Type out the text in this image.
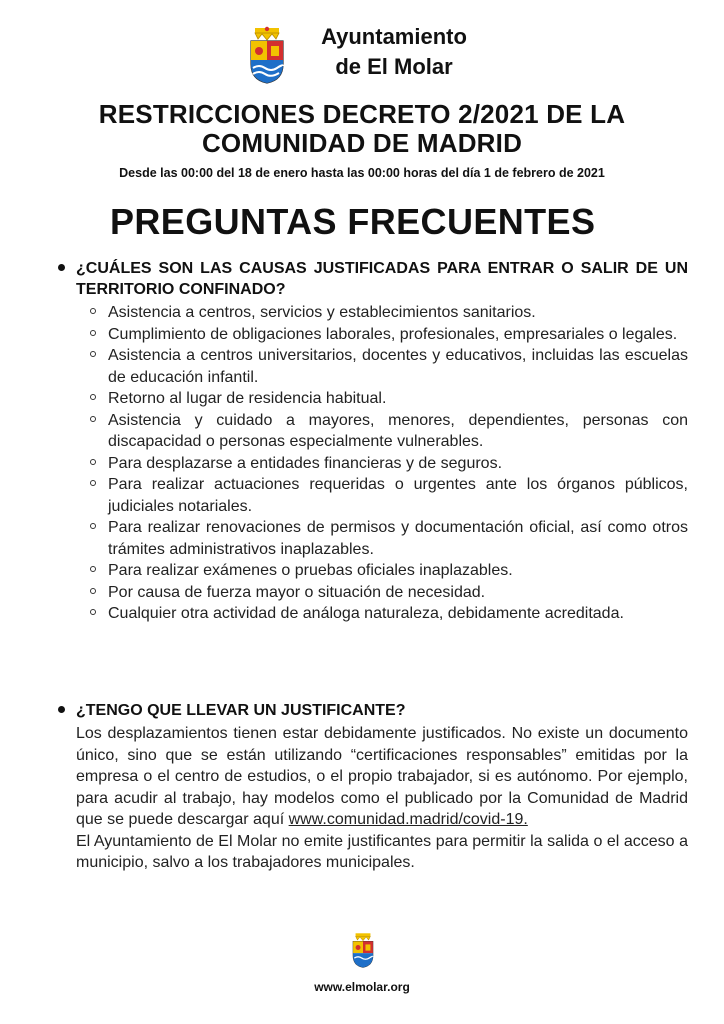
Ayuntamiento
de El Molar
RESTRICCIONES DECRETO 2/2021 DE LA
COMUNIDAD DE MADRID
Desde las 00:00 del 18 de enero hasta las 00:00 horas del día 1 de febrero de 2021
PREGUNTAS FRECUENTES
¿CUÁLES SON LAS CAUSAS JUSTIFICADAS PARA ENTRAR O SALIR DE UN TERRITORIO CONFINADO?
Asistencia a centros, servicios y establecimientos sanitarios.
Cumplimiento de obligaciones laborales, profesionales, empresariales o legales.
Asistencia a centros universitarios, docentes y educativos, incluidas las escuelas de educación infantil.
Retorno al lugar de residencia habitual.
Asistencia y cuidado a mayores, menores, dependientes, personas con discapacidad o personas especialmente vulnerables.
Para desplazarse a entidades financieras y de seguros.
Para realizar actuaciones requeridas o urgentes ante los órganos públicos, judiciales notariales.
Para realizar renovaciones de permisos y documentación oficial, así como otros trámites administrativos inaplazables.
Para realizar exámenes o pruebas oficiales inaplazables.
Por causa de fuerza mayor o situación de necesidad.
Cualquier otra actividad de análoga naturaleza, debidamente acreditada.
¿TENGO QUE LLEVAR UN JUSTIFICANTE?

Los desplazamientos tienen estar debidamente justificados. No existe un documento único, sino que se están utilizando “certificaciones responsables” emitidas por la empresa o el centro de estudios, o el propio trabajador, si es autónomo. Por ejemplo, para acudir al trabajo, hay modelos como el publicado por la Comunidad de Madrid que se puede descargar aquí www.comunidad.madrid/covid-19.

El Ayuntamiento de El Molar no emite justificantes para permitir la salida o el acceso a municipio, salvo a los trabajadores municipales.

www.elmolar.org
